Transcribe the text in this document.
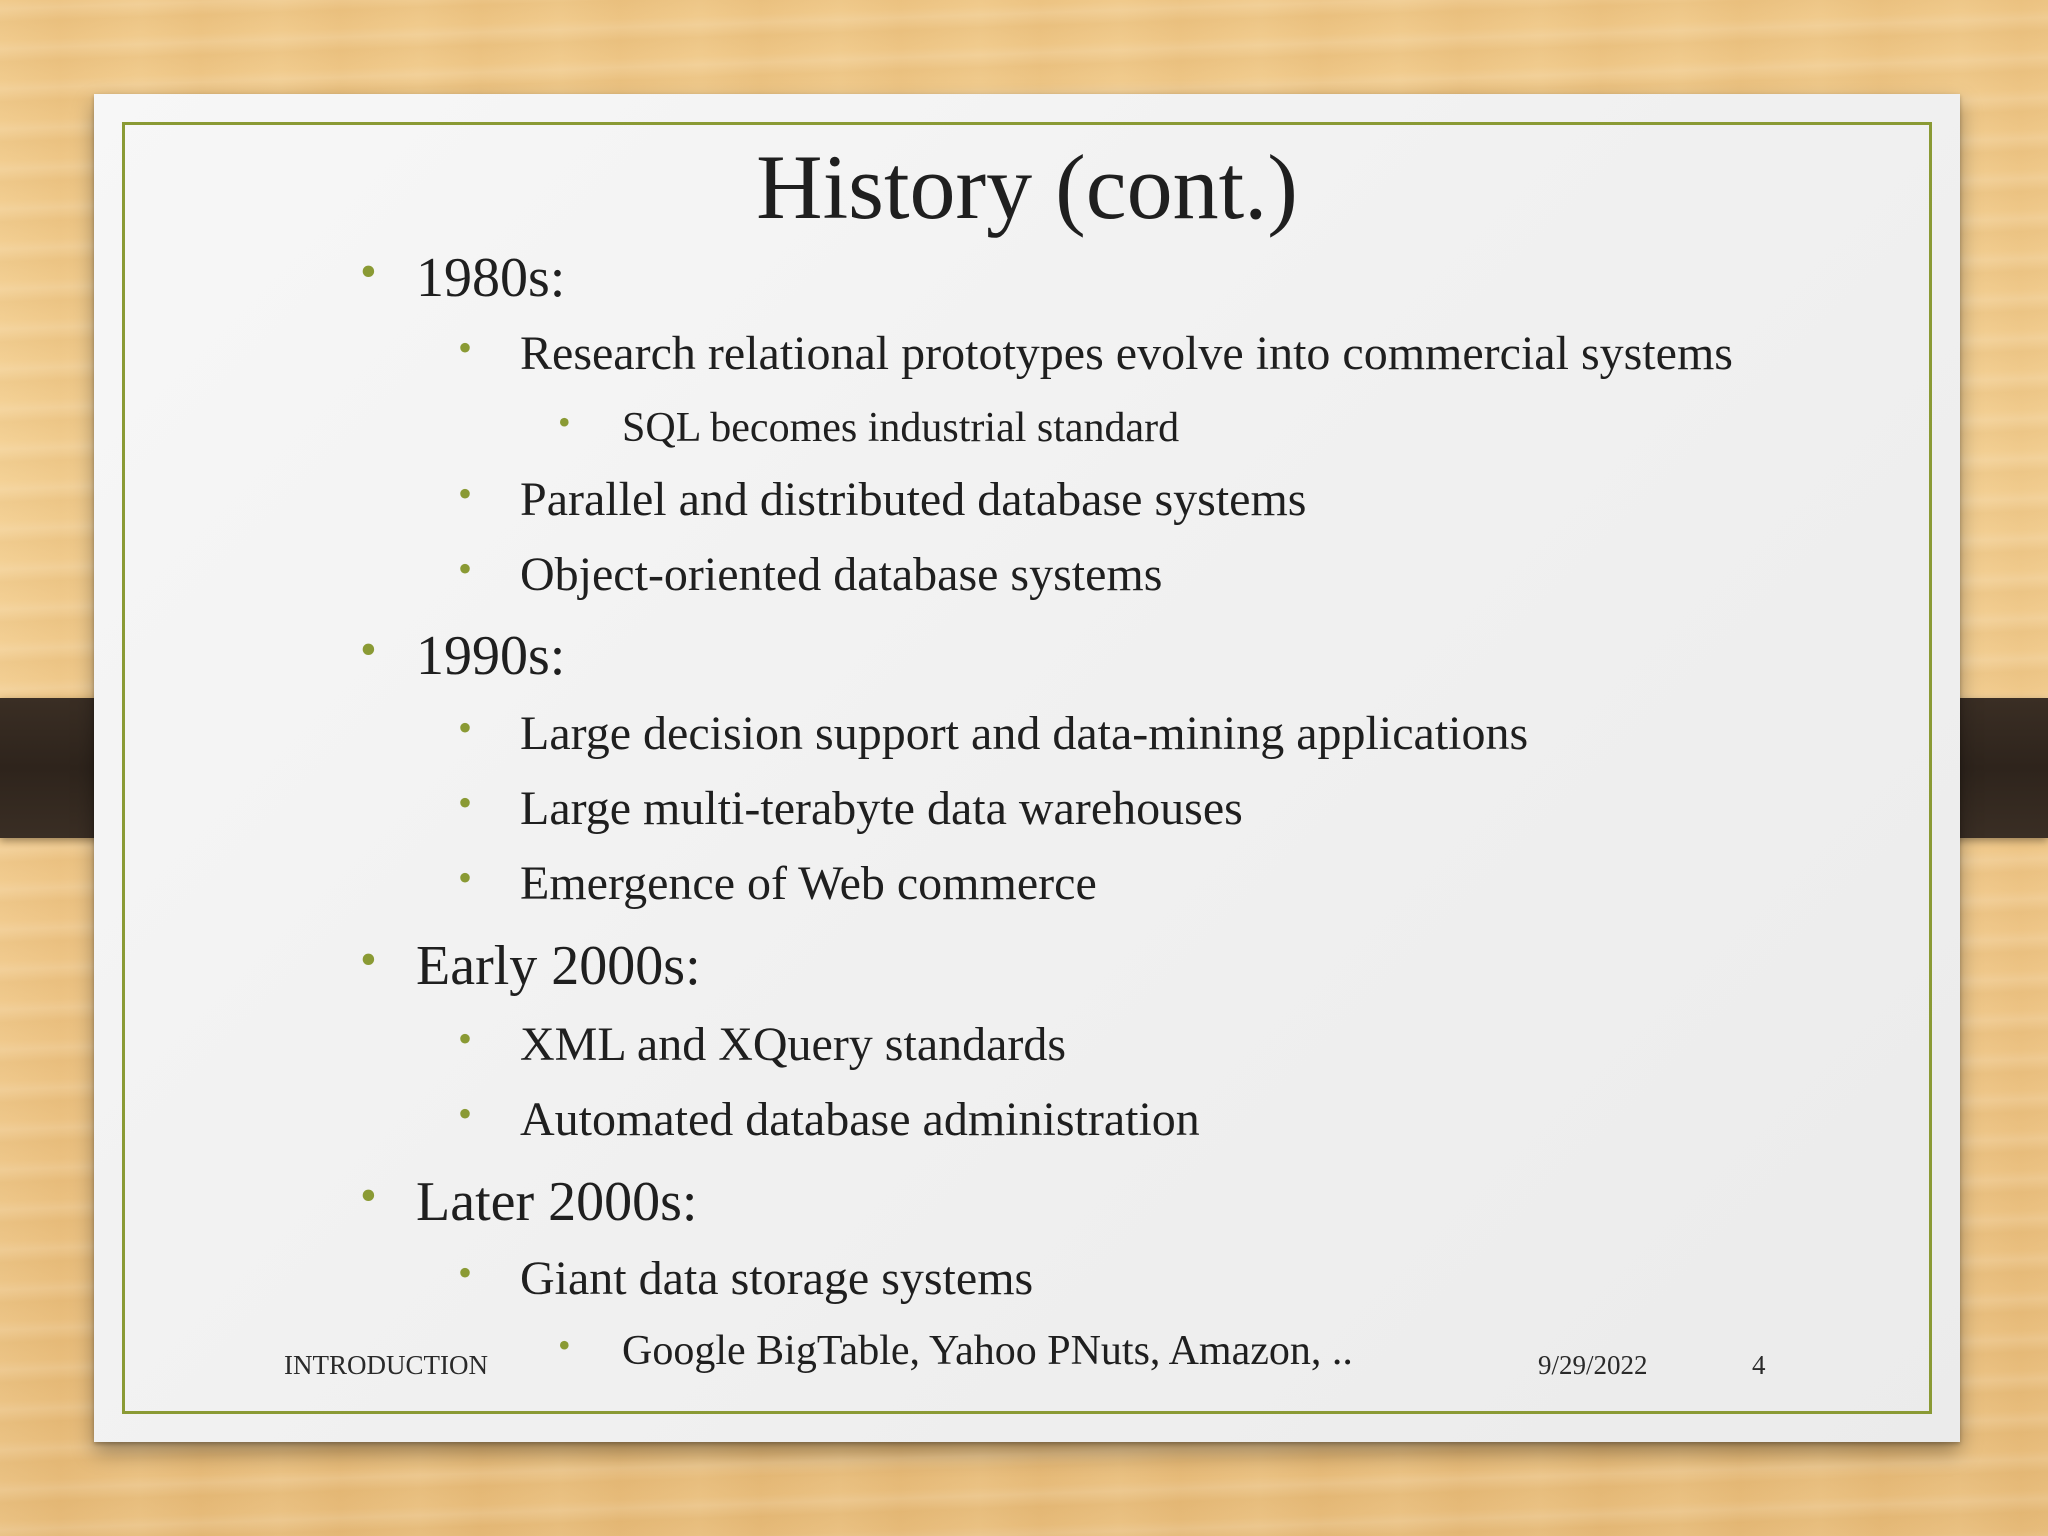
History (cont.)
• 1980s:
• Research relational prototypes evolve into commercial systems
• SQL becomes industrial standard
• Parallel and distributed database systems
• Object-oriented database systems
• 1990s:
• Large decision support and data-mining applications
• Large multi-terabyte data warehouses
• Emergence of Web commerce
• Early 2000s:
• XML and XQuery standards
• Automated database administration
• Later 2000s:
• Giant data storage systems
• Google BigTable, Yahoo PNuts, Amazon, ..
INTRODUCTION	9/29/2022	4
